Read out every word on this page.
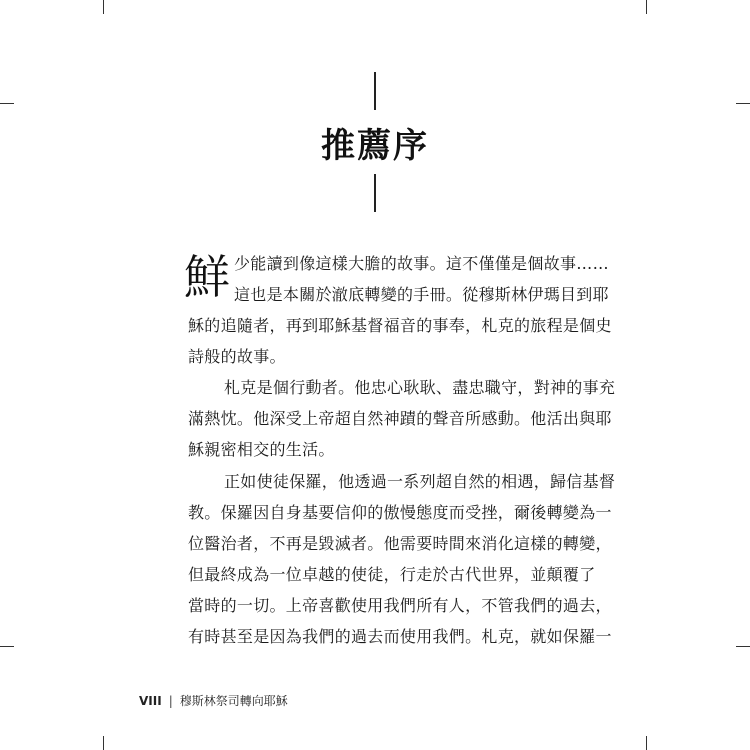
推薦序
鮮 少能讀到像這樣大膽的故事。這不僅僅是個故事……
這也是本關於澈底轉變的手冊。從穆斯林伊瑪目到耶
穌的追隨者，再到耶穌基督福音的事奉，札克的旅程是個史
詩般的故事。
札克是個行動者。他忠心耿耿、盡忠職守，對神的事充
滿熱忱。他深受上帝超自然神蹟的聲音所感動。他活出與耶
穌親密相交的生活。
正如使徒保羅，他透過一系列超自然的相遇，歸信基督
教。保羅因自身基要信仰的傲慢態度而受挫，爾後轉變為一
位醫治者，不再是毀滅者。他需要時間來消化這樣的轉變，
但最終成為一位卓越的使徒，行走於古代世界，並顛覆了
當時的一切。上帝喜歡使用我們所有人，不管我們的過去，
有時甚至是因為我們的過去而使用我們。札克，就如保羅一
VIII | 穆斯林祭司轉向耶穌
